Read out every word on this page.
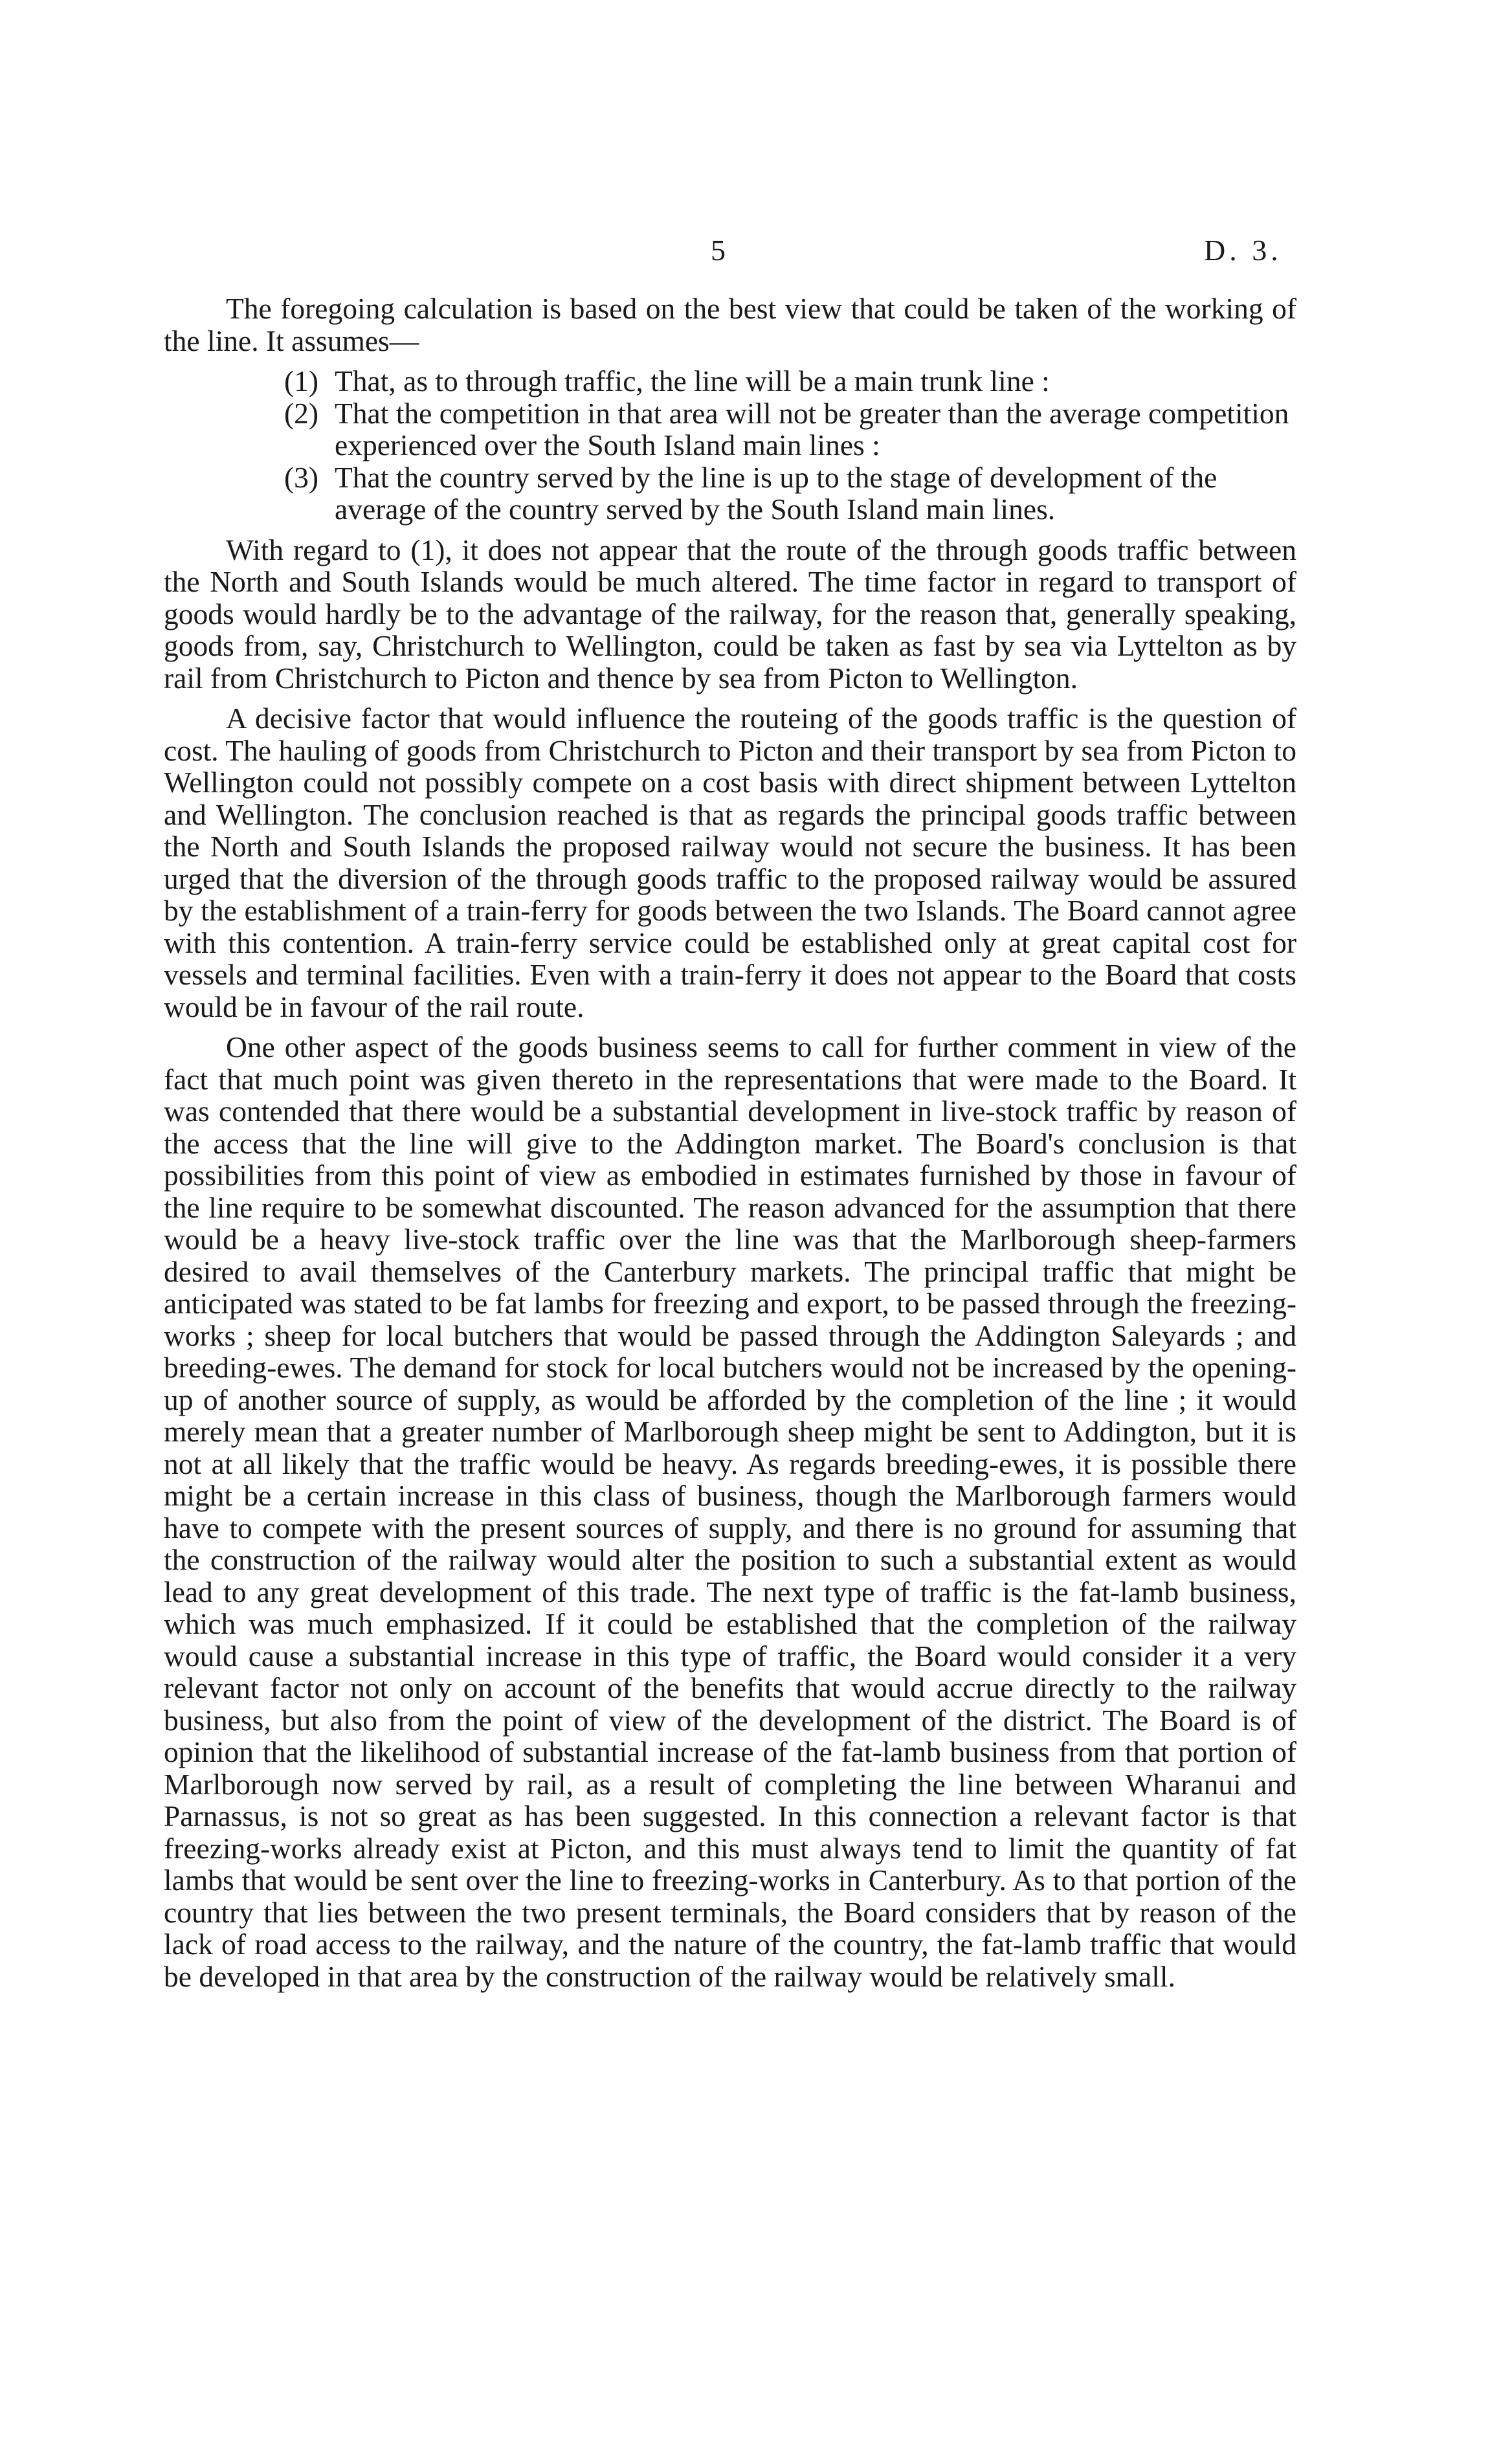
5	D. 3.

The foregoing calculation is based on the best view that could be taken of the working of the line. It assumes—

(1) That, as to through traffic, the line will be a main trunk line :
(2) That the competition in that area will not be greater than the average competition experienced over the South Island main lines :
(3) That the country served by the line is up to the stage of development of the average of the country served by the South Island main lines.

With regard to (1), it does not appear that the route of the through goods traffic between the North and South Islands would be much altered. The time factor in regard to transport of goods would hardly be to the advantage of the railway, for the reason that, generally speaking, goods from, say, Christchurch to Wellington, could be taken as fast by sea via Lyttelton as by rail from Christchurch to Picton and thence by sea from Picton to Wellington.

A decisive factor that would influence the routeing of the goods traffic is the question of cost. The hauling of goods from Christchurch to Picton and their transport by sea from Picton to Wellington could not possibly compete on a cost basis with direct shipment between Lyttelton and Wellington. The conclusion reached is that as regards the principal goods traffic between the North and South Islands the proposed railway would not secure the business. It has been urged that the diversion of the through goods traffic to the proposed railway would be assured by the establishment of a train-ferry for goods between the two Islands. The Board cannot agree with this contention. A train-ferry service could be established only at great capital cost for vessels and terminal facilities. Even with a train-ferry it does not appear to the Board that costs would be in favour of the rail route.

One other aspect of the goods business seems to call for further comment in view of the fact that much point was given thereto in the representations that were made to the Board. It was contended that there would be a substantial development in live-stock traffic by reason of the access that the line will give to the Addington market. The Board's conclusion is that possibilities from this point of view as embodied in estimates furnished by those in favour of the line require to be somewhat discounted. The reason advanced for the assumption that there would be a heavy live-stock traffic over the line was that the Marlborough sheep-farmers desired to avail themselves of the Canterbury markets. The principal traffic that might be anticipated was stated to be fat lambs for freezing and export, to be passed through the freezing-works ; sheep for local butchers that would be passed through the Addington Saleyards ; and breeding-ewes. The demand for stock for local butchers would not be increased by the opening-up of another source of supply, as would be afforded by the completion of the line ; it would merely mean that a greater number of Marlborough sheep might be sent to Addington, but it is not at all likely that the traffic would be heavy. As regards breeding-ewes, it is possible there might be a certain increase in this class of business, though the Marlborough farmers would have to compete with the present sources of supply, and there is no ground for assuming that the construction of the railway would alter the position to such a substantial extent as would lead to any great development of this trade. The next type of traffic is the fat-lamb business, which was much emphasized. If it could be established that the completion of the railway would cause a substantial increase in this type of traffic, the Board would consider it a very relevant factor not only on account of the benefits that would accrue directly to the railway business, but also from the point of view of the development of the district. The Board is of opinion that the likelihood of substantial increase of the fat-lamb business from that portion of Marlborough now served by rail, as a result of completing the line between Wharanui and Parnassus, is not so great as has been suggested. In this connection a relevant factor is that freezing-works already exist at Picton, and this must always tend to limit the quantity of fat lambs that would be sent over the line to freezing-works in Canterbury. As to that portion of the country that lies between the two present terminals, the Board considers that by reason of the lack of road access to the railway, and the nature of the country, the fat-lamb traffic that would be developed in that area by the construction of the railway would be relatively small.
